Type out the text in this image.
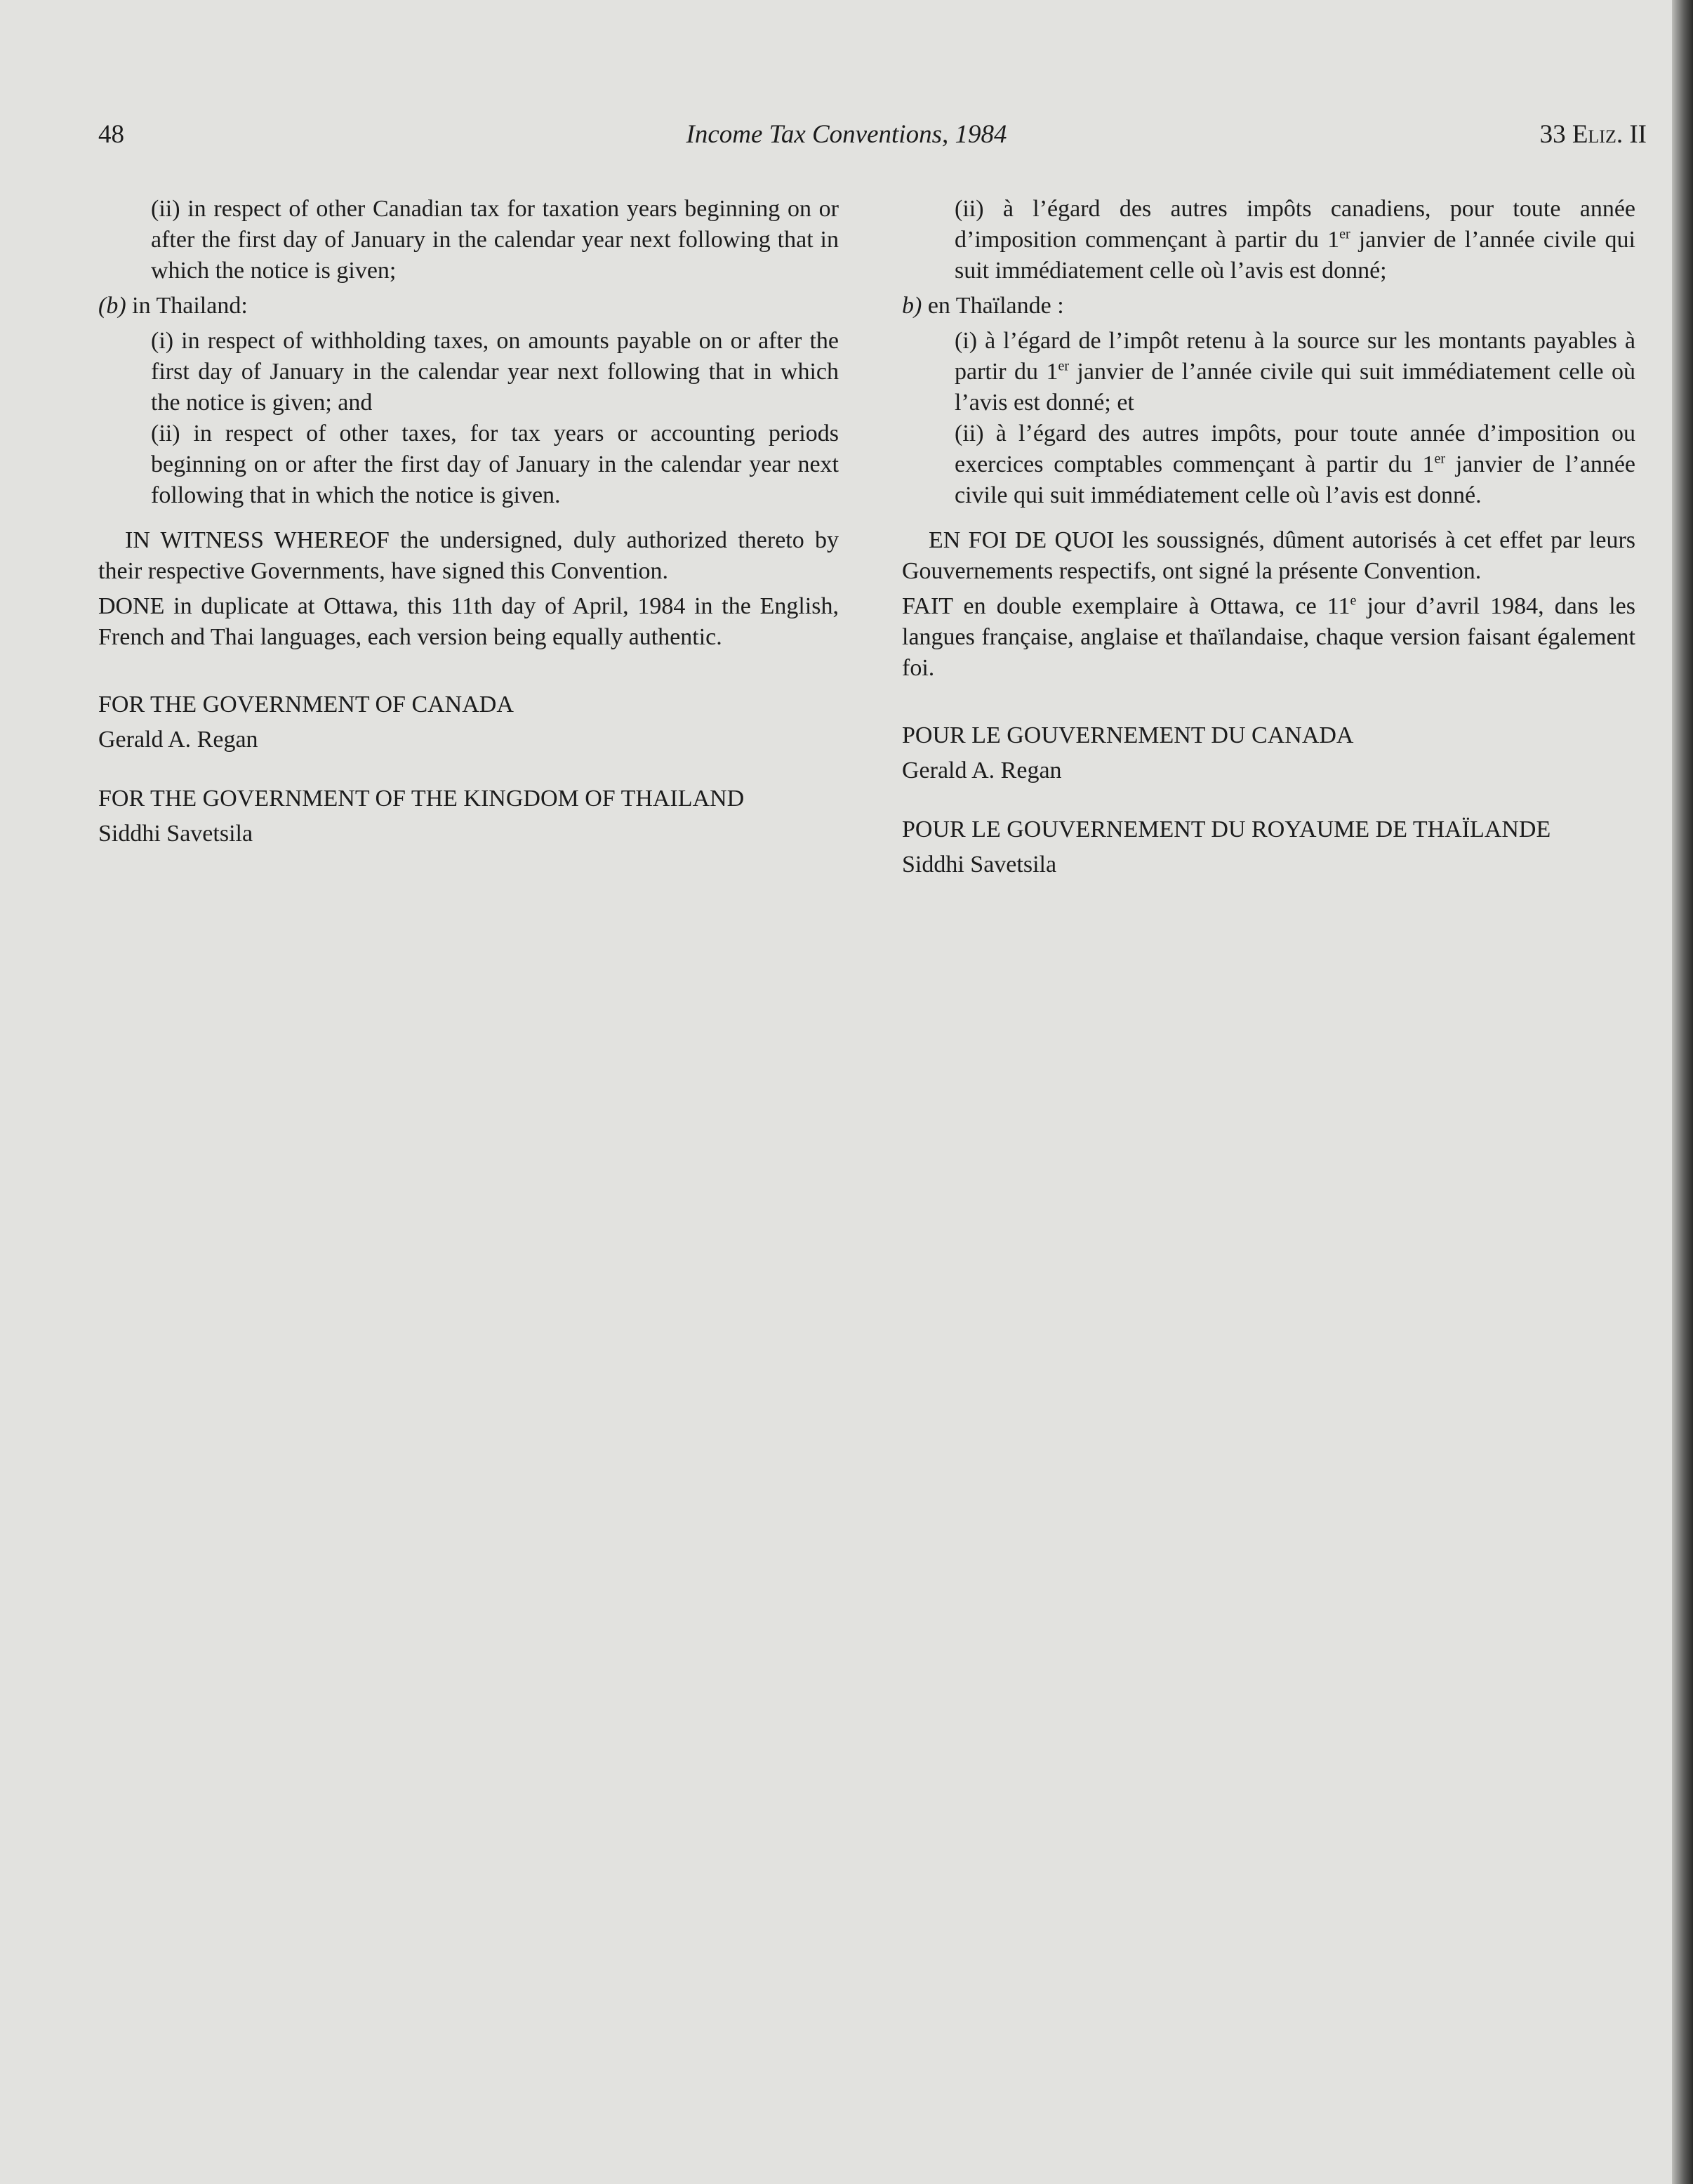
Income Tax Conventions, 1984
48	33 Eliz. II

(ii) in respect of other Canadian tax for taxation years beginning on or after the first day of January in the calendar year next following that in which the notice is given;

(b) in Thailand:

(i) in respect of withholding taxes, on amounts payable on or after the first day of January in the calendar year next following that in which the notice is given; and

(ii) in respect of other taxes, for tax years or accounting periods beginning on or after the first day of January in the calendar year next following that in which the notice is given.

IN WITNESS WHEREOF the undersigned, duly authorized thereto by their respective Governments, have signed this Convention.

DONE in duplicate at Ottawa, this 11th day of April, 1984 in the English, French and Thai languages, each version being equally authentic.

FOR THE GOVERNMENT OF CANADA

Gerald A. Regan

FOR THE GOVERNMENT OF THE KINGDOM OF THAILAND

Siddhi Savetsila

(ii) à l’égard des autres impôts canadiens, pour toute année d’imposition commençant à partir du 1er janvier de l’année civile qui suit immédiatement celle où l’avis est donné;

b) en Thaïlande :

(i) à l’égard de l’impôt retenu à la source sur les montants payables à partir du 1er janvier de l’année civile qui suit immédiatement celle où l’avis est donné; et

(ii) à l’égard des autres impôts, pour toute année d’imposition ou exercices comptables commençant à partir du 1er janvier de l’année civile qui suit immédiatement celle où l’avis est donné.

EN FOI DE QUOI les soussignés, dûment autorisés à cet effet par leurs Gouvernements respectifs, ont signé la présente Convention.

FAIT en double exemplaire à Ottawa, ce 11e jour d’avril 1984, dans les langues française, anglaise et thaïlandaise, chaque version faisant également foi.

POUR LE GOUVERNEMENT DU CANADA

Gerald A. Regan

POUR LE GOUVERNEMENT DU ROYAUME DE THAÏLANDE

Siddhi Savetsila
